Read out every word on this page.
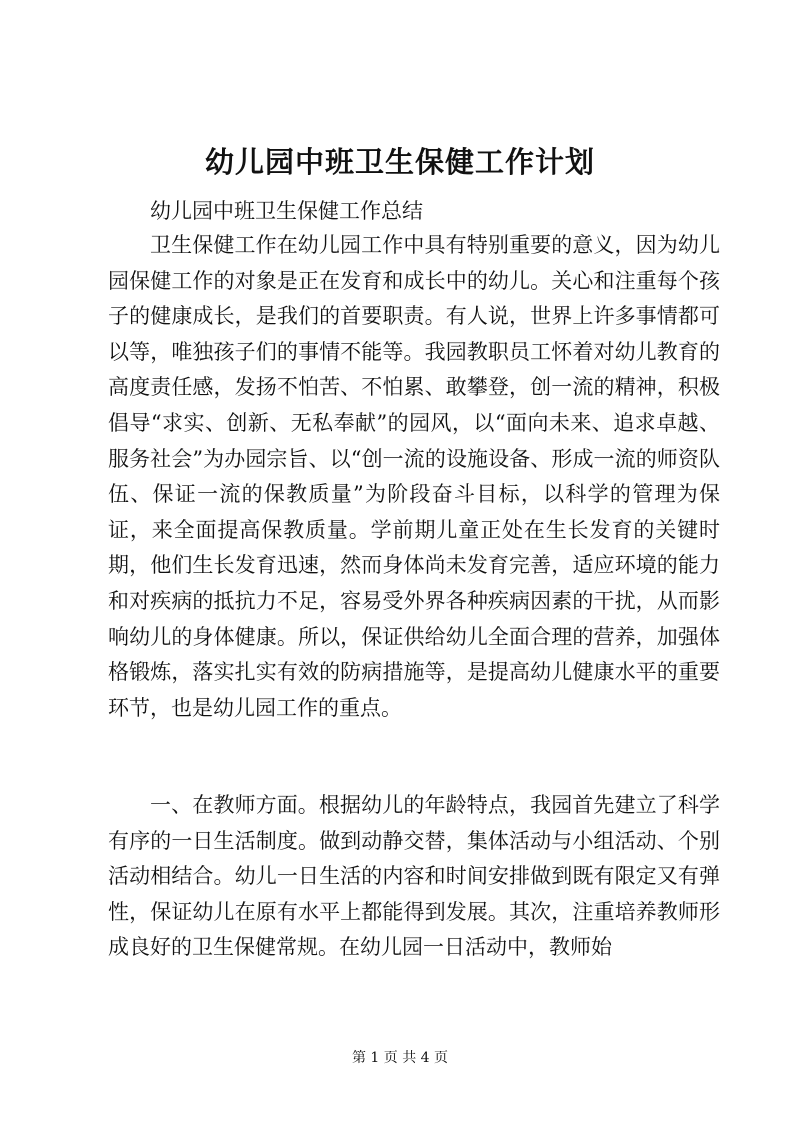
幼儿园中班卫生保健工作计划

幼儿园中班卫生保健工作总结

卫生保健工作在幼儿园工作中具有特别重要的意义，因为幼儿园保健工作的对象是正在发育和成长中的幼儿。关心和注重每个孩子的健康成长，是我们的首要职责。有人说，世界上许多事情都可以等，唯独孩子们的事情不能等。我园教职员工怀着对幼儿教育的高度责任感，发扬不怕苦、不怕累、敢攀登，创一流的精神，积极倡导“求实、创新、无私奉献”的园风，以“面向未来、追求卓越、服务社会”为办园宗旨、以“创一流的设施设备、形成一流的师资队伍、保证一流的保教质量”为阶段奋斗目标，以科学的管理为保证，来全面提高保教质量。学前期儿童正处在生长发育的关键时期，他们生长发育迅速，然而身体尚未发育完善，适应环境的能力和对疾病的抵抗力不足，容易受外界各种疾病因素的干扰，从而影响幼儿的身体健康。所以，保证供给幼儿全面合理的营养，加强体格锻炼，落实扎实有效的防病措施等，是提高幼儿健康水平的重要环节，也是幼儿园工作的重点。

一、在教师方面。根据幼儿的年龄特点，我园首先建立了科学有序的一日生活制度。做到动静交替，集体活动与小组活动、个别活动相结合。幼儿一日生活的内容和时间安排做到既有限定又有弹性，保证幼儿在原有水平上都能得到发展。其次，注重培养教师形成良好的卫生保健常规。在幼儿园一日活动中，教师始

第 1 页 共 4 页
